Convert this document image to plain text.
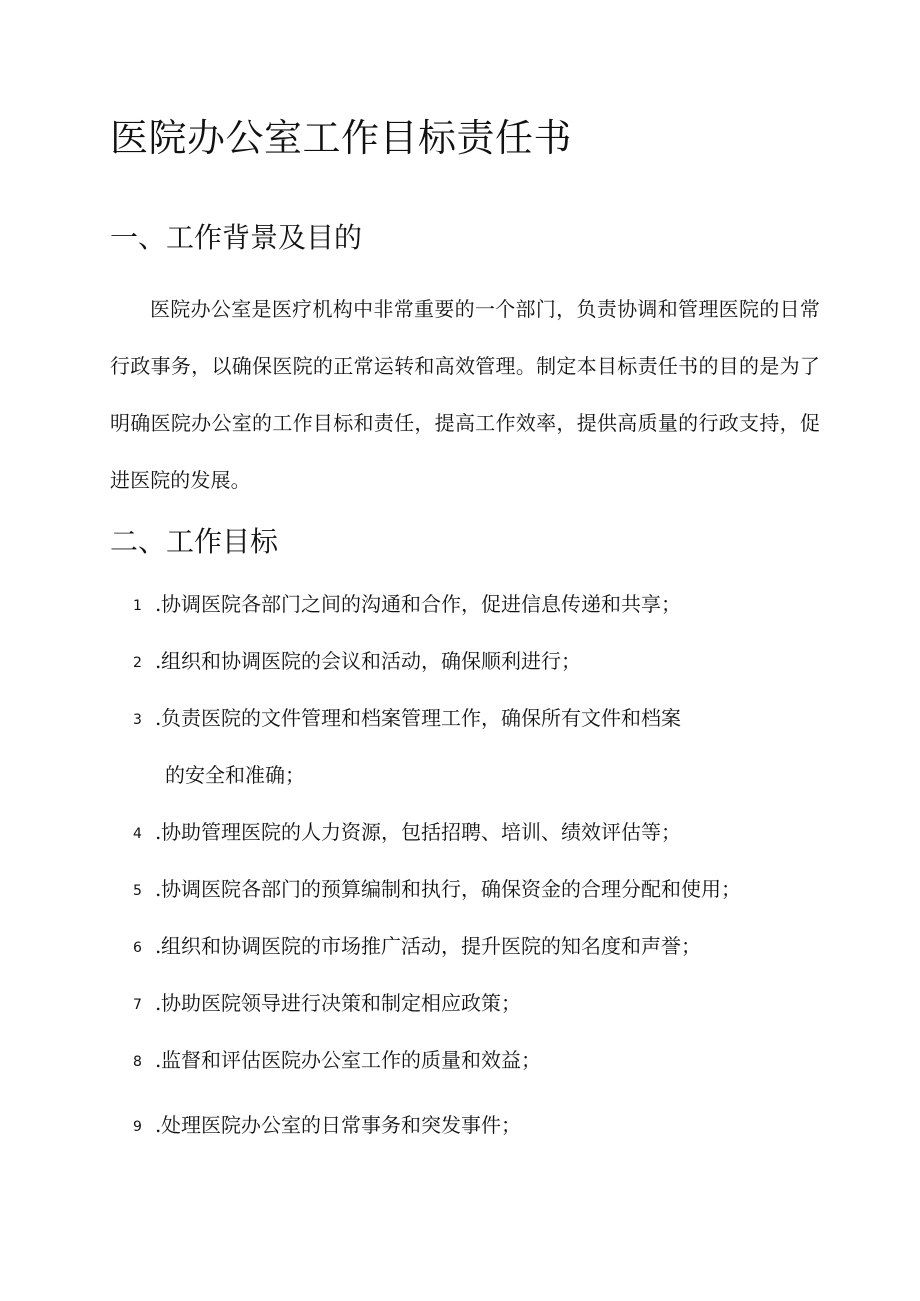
医院办公室工作目标责任书
一、工作背景及目的

医院办公室是医疗机构中非常重要的一个部门，负责协调和管理医院的日常行政事务，以确保医院的正常运转和高效管理。制定本目标责任书的目的是为了明确医院办公室的工作目标和责任，提高工作效率，提供高质量的行政支持，促进医院的发展。

二、工作目标
1 .协调医院各部门之间的沟通和合作，促进信息传递和共享；
2 .组织和协调医院的会议和活动，确保顺利进行；
3 .负责医院的文件管理和档案管理工作，确保所有文件和档案
的安全和准确；
4 .协助管理医院的人力资源，包括招聘、培训、绩效评估等；
5 .协调医院各部门的预算编制和执行，确保资金的合理分配和使用；
6 .组织和协调医院的市场推广活动，提升医院的知名度和声誉；
7 .协助医院领导进行决策和制定相应政策；
8 .监督和评估医院办公室工作的质量和效益；
9 .处理医院办公室的日常事务和突发事件；
